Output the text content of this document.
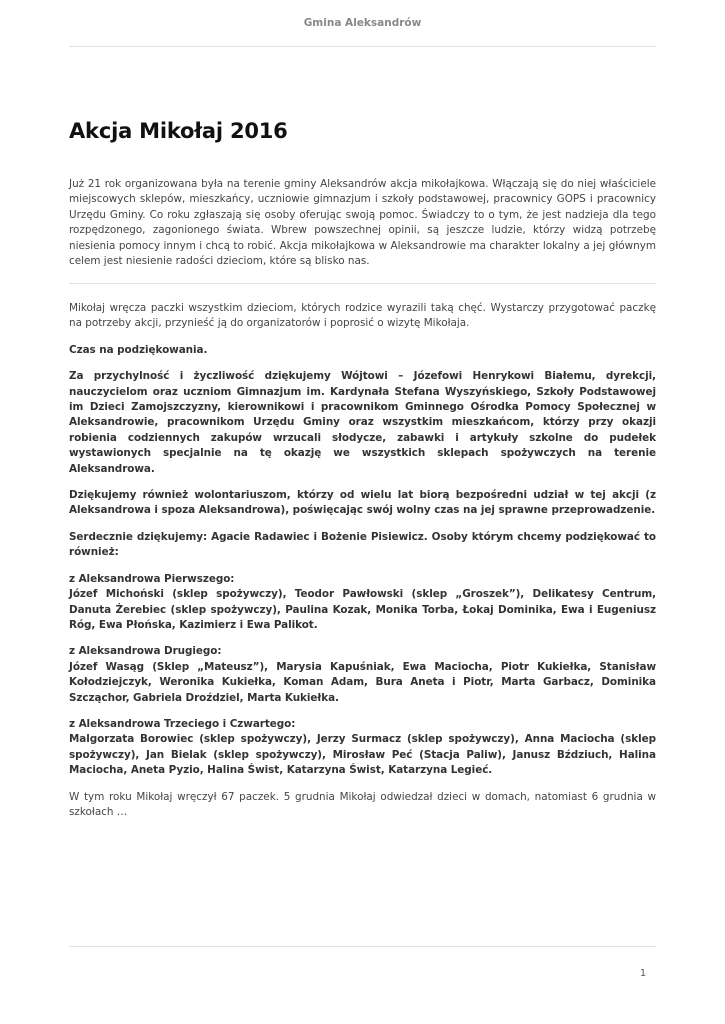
Gmina Aleksandrów
Akcja Mikołaj 2016

Już 21 rok organizowana była na terenie gminy Aleksandrów akcja mikołajkowa. Włączają się do niej właściciele miejscowych sklepów, mieszkańcy, uczniowie gimnazjum i szkoły podstawowej, pracownicy GOPS i pracownicy Urzędu Gminy. Co roku zgłaszają się osoby oferując swoją pomoc. Świadczy to o tym, że jest nadzieja dla tego rozpędzonego, zagonionego świata. Wbrew powszechnej opinii, są jeszcze ludzie, którzy widzą potrzebę niesienia pomocy innym i chcą to robić. Akcja mikołajkowa w Aleksandrowie ma charakter lokalny a jej głównym celem jest niesienie radości dzieciom, które są blisko nas.

Mikołaj wręcza paczki wszystkim dzieciom, których rodzice wyrazili taką chęć. Wystarczy przygotować paczkę na potrzeby akcji, przynieść ją do organizatorów i poprosić o wizytę Mikołaja.

Czas na podziękowania.

Za przychylność i życzliwość dziękujemy Wójtowi – Józefowi Henrykowi Białemu, dyrekcji, nauczycielom oraz uczniom Gimnazjum im. Kardynała Stefana Wyszyńskiego, Szkoły Podstawowej im Dzieci Zamojszczyzny, kierownikowi i pracownikom Gminnego Ośrodka Pomocy Społecznej w Aleksandrowie, pracownikom Urzędu Gminy oraz wszystkim mieszkańcom, którzy przy okazji robienia codziennych zakupów wrzucali słodycze, zabawki i artykuły szkolne do pudełek wystawionych specjalnie na tę okazję we wszystkich sklepach spożywczych na terenie Aleksandrowa.

Dziękujemy również wolontariuszom, którzy od wielu lat biorą bezpośredni udział w tej akcji (z Aleksandrowa i spoza Aleksandrowa), poświęcając swój wolny czas na jej sprawne przeprowadzenie.

Serdecznie dziękujemy: Agacie Radawiec i Bożenie Pisiewicz. Osoby którym chcemy podziękować to również:

z Aleksandrowa Pierwszego:

Józef Michoński (sklep spożywczy), Teodor Pawłowski (sklep „Groszek”), Delikatesy Centrum, Danuta Żerebiec (sklep spożywczy), Paulina Kozak, Monika Torba, Łokaj Dominika, Ewa i Eugeniusz Róg, Ewa Płońska, Kazimierz i Ewa Palikot.

z Aleksandrowa Drugiego:

Józef Wasąg (Sklep „Mateusz”), Marysia Kapuśniak, Ewa Maciocha, Piotr Kukiełka, Stanisław Kołodziejczyk, Weronika Kukiełka, Koman Adam, Bura Aneta i Piotr, Marta Garbacz, Dominika Szcząchor, Gabriela Droździel, Marta Kukiełka.

z Aleksandrowa Trzeciego i Czwartego:

Malgorzata Borowiec (sklep spożywczy), Jerzy Surmacz (sklep spożywczy), Anna Maciocha (sklep spożywczy), Jan Bielak (sklep spożywczy), Mirosław Peć (Stacja Paliw), Janusz Bździuch, Halina Maciocha, Aneta Pyzio, Halina Świst, Katarzyna Świst, Katarzyna Legieć.

W tym roku Mikołaj wręczył 67 paczek. 5 grudnia Mikołaj odwiedzał dzieci w domach, natomiast 6 grudnia w szkołach …

1
